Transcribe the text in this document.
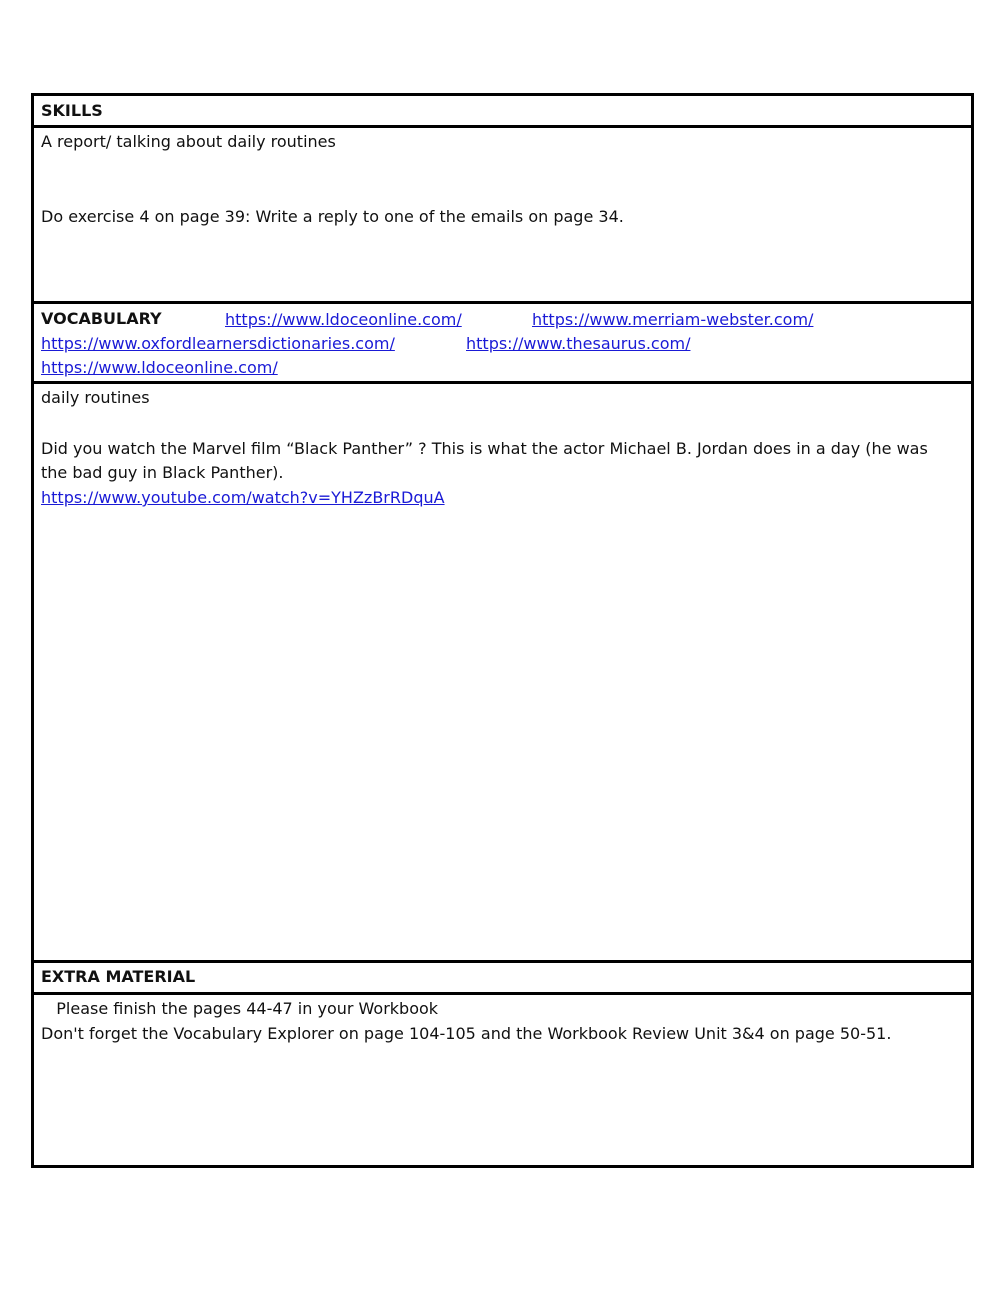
SKILLS
A report/ talking about daily routines
Do exercise 4 on page 39: Write a reply to one of the emails on page 34.
VOCABULARY	https://www.ldoceonline.com/	https://www.merriam-webster.com/
https://www.oxfordlearnersdictionaries.com/	https://www.thesaurus.com/
https://www.ldoceonline.com/
daily routines
Did you watch the Marvel film “Black Panther” ? This is what the actor Michael B. Jordan does in a day (he was the bad guy in Black Panther).
https://www.youtube.com/watch?v=YHZzBrRDquA
EXTRA MATERIAL
Please finish the pages 44-47 in your Workbook
Don't forget the Vocabulary Explorer on page 104-105 and the Workbook Review Unit 3&4 on page 50-51.
